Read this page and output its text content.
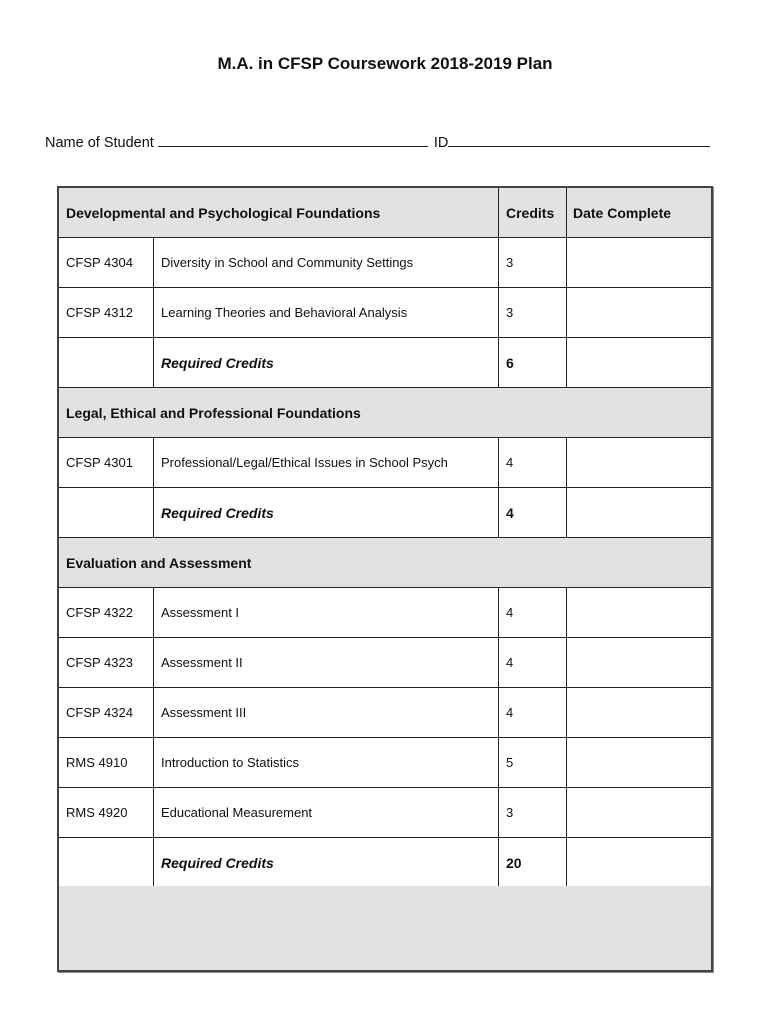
M.A. in CFSP Coursework 2018-2019 Plan
Name of Student	ID
Developmental and Psychological Foundations	Credits	Date Complete
CFSP 4304	Diversity in School and Community Settings	3
CFSP 4312	Learning Theories and Behavioral Analysis	3
Required Credits	6
Legal, Ethical and Professional Foundations
CFSP 4301	Professional/Legal/Ethical Issues in School Psych	4
Required Credits	4
Evaluation and Assessment
CFSP 4322	Assessment I	4
CFSP 4323	Assessment II	4
CFSP 4324	Assessment III	4
RMS 4910	Introduction to Statistics	5
RMS 4920	Educational Measurement	3
Required Credits	20
